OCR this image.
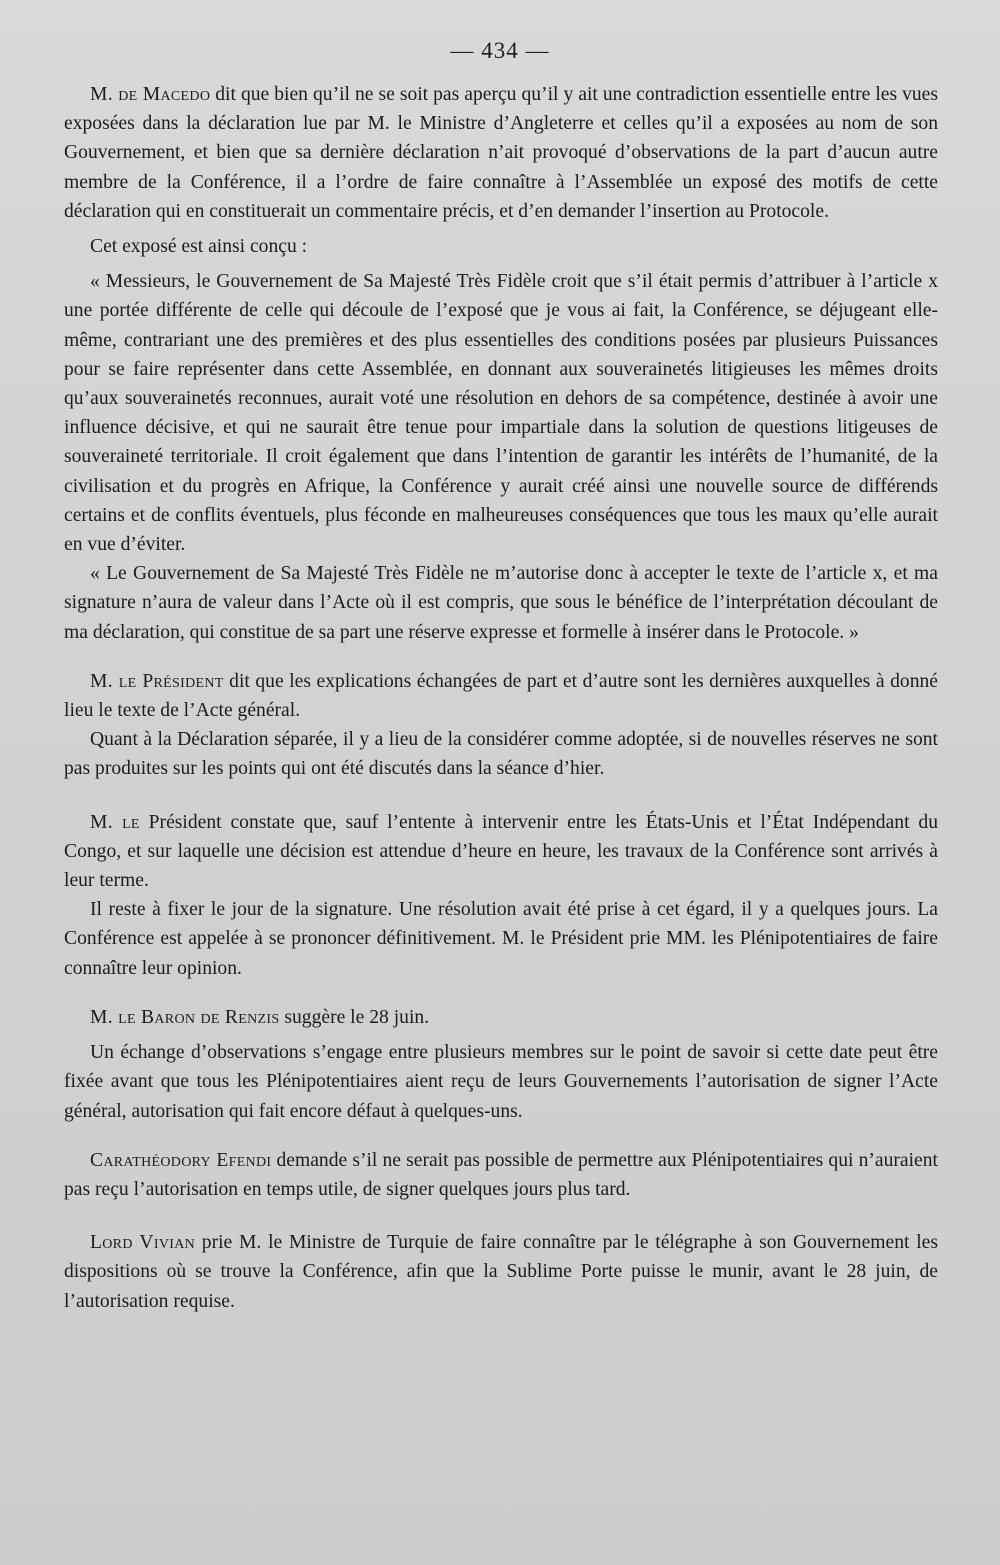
— 434 —

M. de Macedo dit que bien qu’il ne se soit pas aperçu qu’il y ait une contradiction essentielle entre les vues exposées dans la déclaration lue par M. le Ministre d’Angleterre et celles qu’il a exposées au nom de son Gouvernement, et bien que sa dernière déclaration n’ait provoqué d’observations de la part d’aucun autre membre de la Conférence, il a l’ordre de faire connaître à l’Assemblée un exposé des motifs de cette déclaration qui en constituerait un commentaire précis, et d’en demander l’insertion au Protocole.

Cet exposé est ainsi conçu :

« Messieurs, le Gouvernement de Sa Majesté Très Fidèle croit que s’il était permis d’attribuer à l’article x une portée différente de celle qui découle de l’exposé que je vous ai fait, la Conférence, se déjugeant elle-même, contrariant une des premières et des plus essentielles des conditions posées par plusieurs Puissances pour se faire représenter dans cette Assemblée, en donnant aux souverainetés litigieuses les mêmes droits qu’aux souverainetés reconnues, aurait voté une résolution en dehors de sa compétence, destinée à avoir une influence décisive, et qui ne saurait être tenue pour impartiale dans la solution de questions litigeuses de souveraineté territoriale. Il croit également que dans l’intention de garantir les intérêts de l’humanité, de la civilisation et du progrès en Afrique, la Conférence y aurait créé ainsi une nouvelle source de différends certains et de conflits éventuels, plus féconde en malheureuses conséquences que tous les maux qu’elle aurait en vue d’éviter.

« Le Gouvernement de Sa Majesté Très Fidèle ne m’autorise donc à accepter le texte de l’article x, et ma signature n’aura de valeur dans l’Acte où il est compris, que sous le bénéfice de l’interprétation découlant de ma déclaration, qui constitue de sa part une réserve expresse et formelle à insérer dans le Protocole. »

M. le Président dit que les explications échangées de part et d’autre sont les dernières auxquelles à donné lieu le texte de l’Acte général.

Quant à la Déclaration séparée, il y a lieu de la considérer comme adoptée, si de nouvelles réserves ne sont pas produites sur les points qui ont été discutés dans la séance d’hier.

M. le Président constate que, sauf l’entente à intervenir entre les États-Unis et l’État Indépendant du Congo, et sur laquelle une décision est attendue d’heure en heure, les travaux de la Conférence sont arrivés à leur terme.

Il reste à fixer le jour de la signature. Une résolution avait été prise à cet égard, il y a quelques jours. La Conférence est appelée à se prononcer définitivement. M. le Président prie MM. les Plénipotentiaires de faire connaître leur opinion.

M. le Baron de Renzis suggère le 28 juin.

Un échange d’observations s’engage entre plusieurs membres sur le point de savoir si cette date peut être fixée avant que tous les Plénipotentiaires aient reçu de leurs Gouvernements l’autorisation de signer l’Acte général, autorisation qui fait encore défaut à quelques-uns.

Carathéodory Efendi demande s’il ne serait pas possible de permettre aux Plénipotentiaires qui n’auraient pas reçu l’autorisation en temps utile, de signer quelques jours plus tard.

Lord Vivian prie M. le Ministre de Turquie de faire connaître par le télégraphe à son Gouvernement les dispositions où se trouve la Conférence, afin que la Sublime Porte puisse le munir, avant le 28 juin, de l’autorisation requise.
